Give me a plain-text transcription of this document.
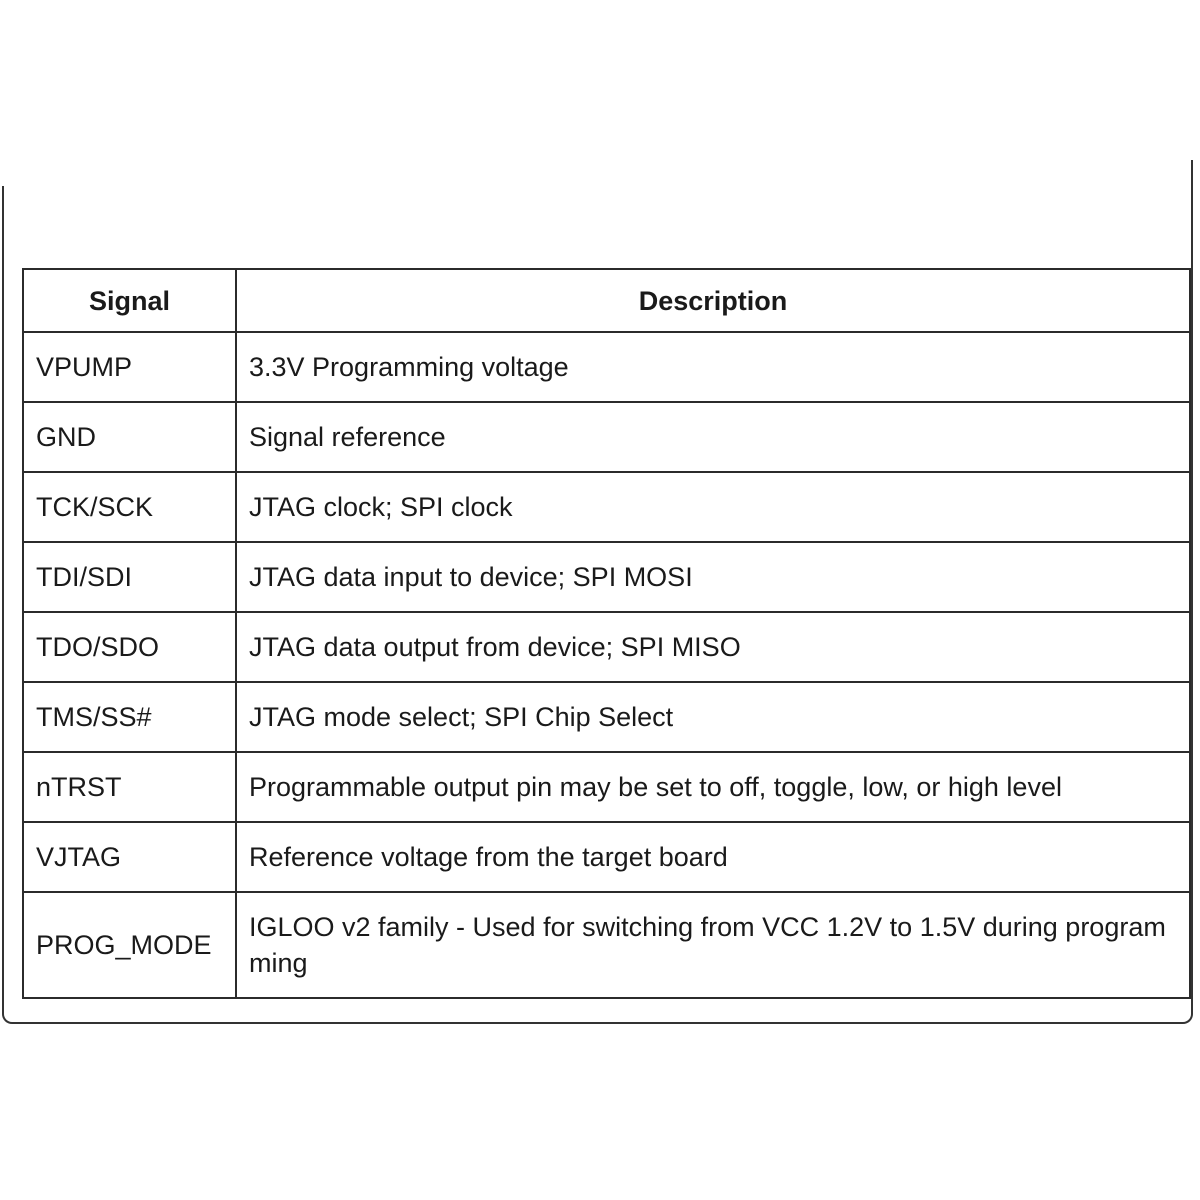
Signal	Description
VPUMP	3.3V Programming voltage
GND	Signal reference
TCK/SCK	JTAG clock; SPI clock
TDI/SDI	JTAG data input to device; SPI MOSI
TDO/SDO	JTAG data output from device; SPI MISO
TMS/SS#	JTAG mode select; SPI Chip Select
nTRST	Programmable output pin may be set to off, toggle, low, or high level
VJTAG	Reference voltage from the target board
PROG_MODE	IGLOO v2 family - Used for switching from VCC 1.2V to 1.5V during programming
